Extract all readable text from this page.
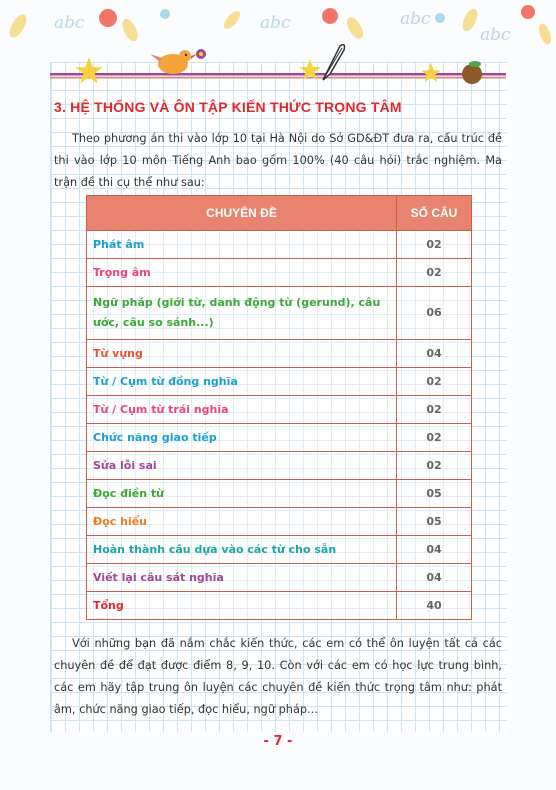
abc	abc	abc
abc
3. HỆ THỐNG VÀ ÔN TẬP KIẾN THỨC TRỌNG TÂM
Theo phương án thi vào lớp 10 tại Hà Nội do Sở GD&ĐT đưa ra, cấu trúc đề thi vào lớp 10 môn Tiếng Anh bao gồm 100% (40 câu hỏi) trắc nghiệm. Ma trận đề thi cụ thể như sau:
CHUYÊN ĐỀ	SỐ CÂU
Phát âm	02
Trọng âm	02
Ngữ pháp (giới từ, danh động từ (gerund), câu ước, câu so sánh...)	06
Từ vựng	04
Từ / Cụm từ đồng nghĩa	02
Từ / Cụm từ trái nghĩa	02
Chức năng giao tiếp	02
Sửa lỗi sai	02
Đọc điền từ	05
Đọc hiểu	05
Hoàn thành câu dựa vào các từ cho sẵn	04
Viết lại câu sát nghĩa	04
Tổng	40
Với những bạn đã nắm chắc kiến thức, các em có thể ôn luyện tất cả các chuyên đề để đạt được điểm 8, 9, 10. Còn với các em có học lực trung bình, các em hãy tập trung ôn luyện các chuyên đề kiến thức trọng tâm như: phát âm, chức năng giao tiếp, đọc hiểu, ngữ pháp...
- 7 -
